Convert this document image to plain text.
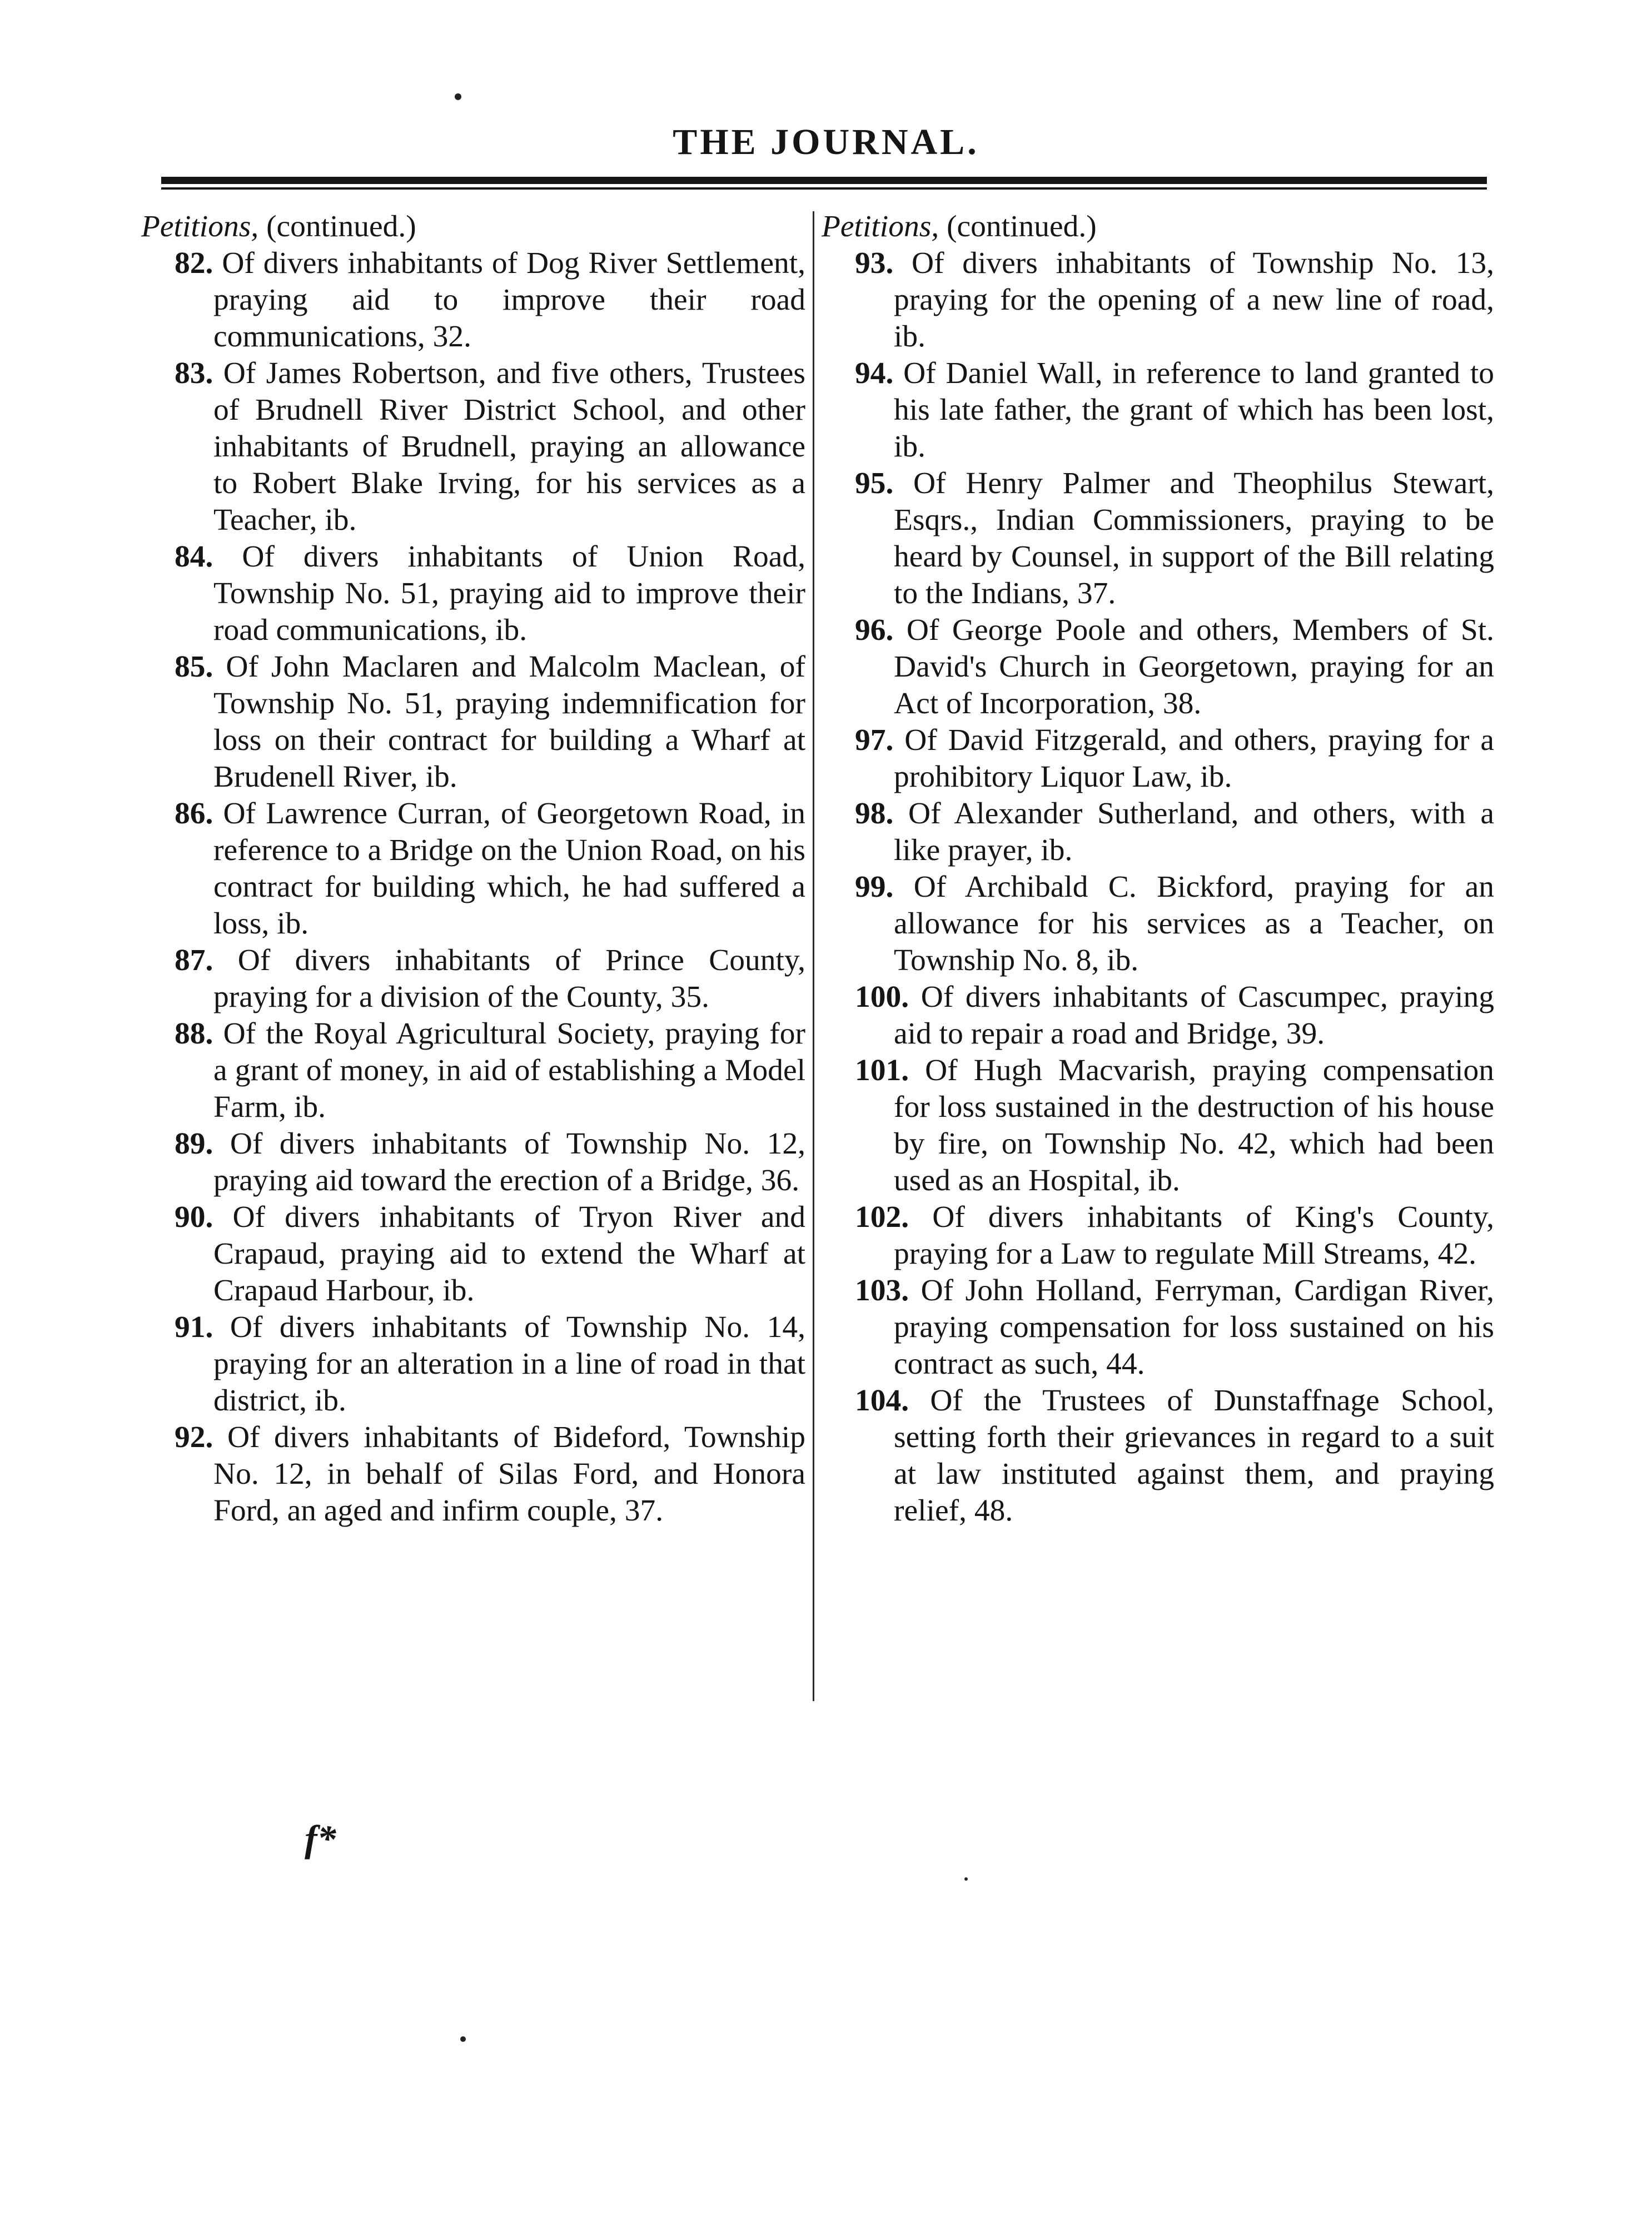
THE JOURNAL.

Petitions, (continued.)

82. Of divers inhabitants of Dog River Settlement, praying aid to improve their road communications, 32.

83. Of James Robertson, and five others, Trustees of Brudnell River District School, and other inhabitants of Brudnell, praying an allowance to Robert Blake Irving, for his services as a Teacher, ib.

84. Of divers inhabitants of Union Road, Township No. 51, praying aid to improve their road communications, ib.

85. Of John Maclaren and Malcolm Maclean, of Township No. 51, praying indemnification for loss on their contract for building a Wharf at Brudenell River, ib.

86. Of Lawrence Curran, of Georgetown Road, in reference to a Bridge on the Union Road, on his contract for building which, he had suffered a loss, ib.

87. Of divers inhabitants of Prince County, praying for a division of the County, 35.

88. Of the Royal Agricultural Society, praying for a grant of money, in aid of establishing a Model Farm, ib.

89. Of divers inhabitants of Township No. 12, praying aid toward the erection of a Bridge, 36.

90. Of divers inhabitants of Tryon River and Crapaud, praying aid to extend the Wharf at Crapaud Harbour, ib.

91. Of divers inhabitants of Township No. 14, praying for an alteration in a line of road in that district, ib.

92. Of divers inhabitants of Bideford, Township No. 12, in behalf of Silas Ford, and Honora Ford, an aged and infirm couple, 37.

Petitions, (continued.)

93. Of divers inhabitants of Township No. 13, praying for the opening of a new line of road, ib.

94. Of Daniel Wall, in reference to land granted to his late father, the grant of which has been lost, ib.

95. Of Henry Palmer and Theophilus Stewart, Esqrs., Indian Commissioners, praying to be heard by Counsel, in support of the Bill relating to the Indians, 37.

96. Of George Poole and others, Members of St. David's Church in Georgetown, praying for an Act of Incorporation, 38.

97. Of David Fitzgerald, and others, praying for a prohibitory Liquor Law, ib.

98. Of Alexander Sutherland, and others, with a like prayer, ib.

99. Of Archibald C. Bickford, praying for an allowance for his services as a Teacher, on Township No. 8, ib.

100. Of divers inhabitants of Cascumpec, praying aid to repair a road and Bridge, 39.

101. Of Hugh Macvarish, praying compensation for loss sustained in the destruction of his house by fire, on Township No. 42, which had been used as an Hospital, ib.

102. Of divers inhabitants of King's County, praying for a Law to regulate Mill Streams, 42.

103. Of John Holland, Ferryman, Cardigan River, praying compensation for loss sustained on his contract as such, 44.

104. Of the Trustees of Dunstaffnage School, setting forth their grievances in regard to a suit at law instituted against them, and praying relief, 48.

f*
